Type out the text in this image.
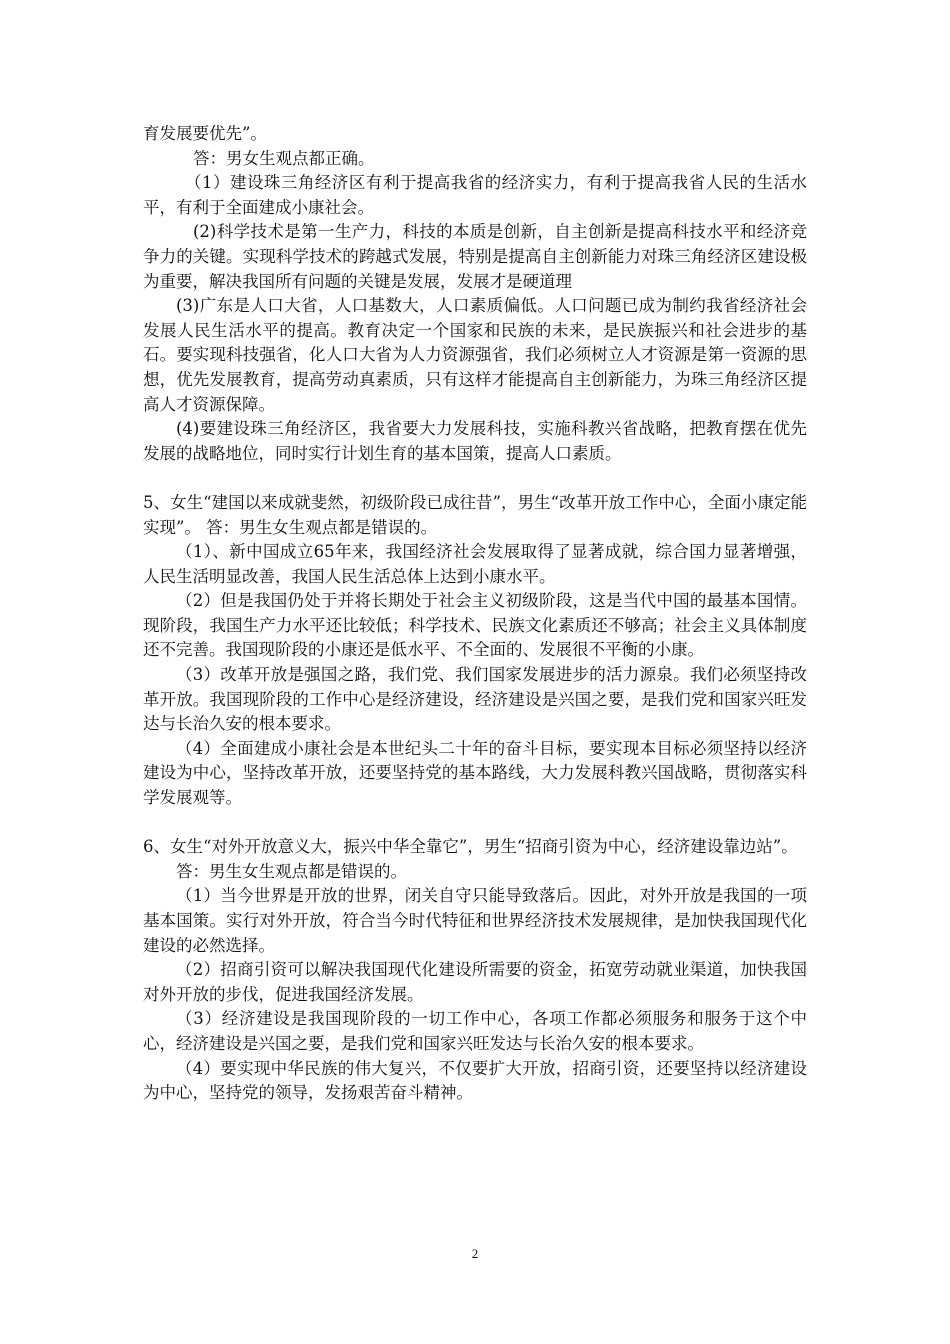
育发展要优先”。

答：男女生观点都正确。

（1）建设珠三角经济区有利于提高我省的经济实力，有利于提高我省人民的生活水平，有利于全面建成小康社会。

(2)科学技术是第一生产力，科技的本质是创新，自主创新是提高科技水平和经济竞争力的关键。实现科学技术的跨越式发展，特别是提高自主创新能力对珠三角经济区建设极为重要，解决我国所有问题的关键是发展，发展才是硬道理

(3)广东是人口大省，人口基数大，人口素质偏低。人口问题已成为制约我省经济社会发展人民生活水平的提高。教育决定一个国家和民族的未来，是民族振兴和社会进步的基石。要实现科技强省，化人口大省为人力资源强省，我们必须树立人才资源是第一资源的思想，优先发展教育，提高劳动真素质，只有这样才能提高自主创新能力，为珠三角经济区提高人才资源保障。

(4)要建设珠三角经济区，我省要大力发展科技，实施科教兴省战略，把教育摆在优先发展的战略地位，同时实行计划生育的基本国策，提高人口素质。

5、女生“建国以来成就斐然，初级阶段已成往昔”，男生“改革开放工作中心，全面小康定能实现”。 答：男生女生观点都是错误的。

（1）、新中国成立65年来，我国经济社会发展取得了显著成就，综合国力显著增强，人民生活明显改善，我国人民生活总体上达到小康水平。

（2）但是我国仍处于并将长期处于社会主义初级阶段，这是当代中国的最基本国情。现阶段，我国生产力水平还比较低；科学技术、民族文化素质还不够高；社会主义具体制度还不完善。我国现阶段的小康还是低水平、不全面的、发展很不平衡的小康。

（3）改革开放是强国之路，我们党、我们国家发展进步的活力源泉。我们必须坚持改革开放。我国现阶段的工作中心是经济建设，经济建设是兴国之要，是我们党和国家兴旺发达与长治久安的根本要求。

（4）全面建成小康社会是本世纪头二十年的奋斗目标，要实现本目标必须坚持以经济建设为中心，坚持改革开放，还要坚持党的基本路线，大力发展科教兴国战略，贯彻落实科学发展观等。

6、女生“对外开放意义大，振兴中华全靠它”，男生“招商引资为中心，经济建设靠边站”。

答：男生女生观点都是错误的。

（1）当今世界是开放的世界，闭关自守只能导致落后。因此，对外开放是我国的一项基本国策。实行对外开放，符合当今时代特征和世界经济技术发展规律，是加快我国现代化建设的必然选择。

（2）招商引资可以解决我国现代化建设所需要的资金，拓宽劳动就业渠道，加快我国对外开放的步伐，促进我国经济发展。

（3）经济建设是我国现阶段的一切工作中心，各项工作都必须服务和服务于这个中心，经济建设是兴国之要，是我们党和国家兴旺发达与长治久安的根本要求。

（4）要实现中华民族的伟大复兴，不仅要扩大开放，招商引资，还要坚持以经济建设为中心，坚持党的领导，发扬艰苦奋斗精神。

2
